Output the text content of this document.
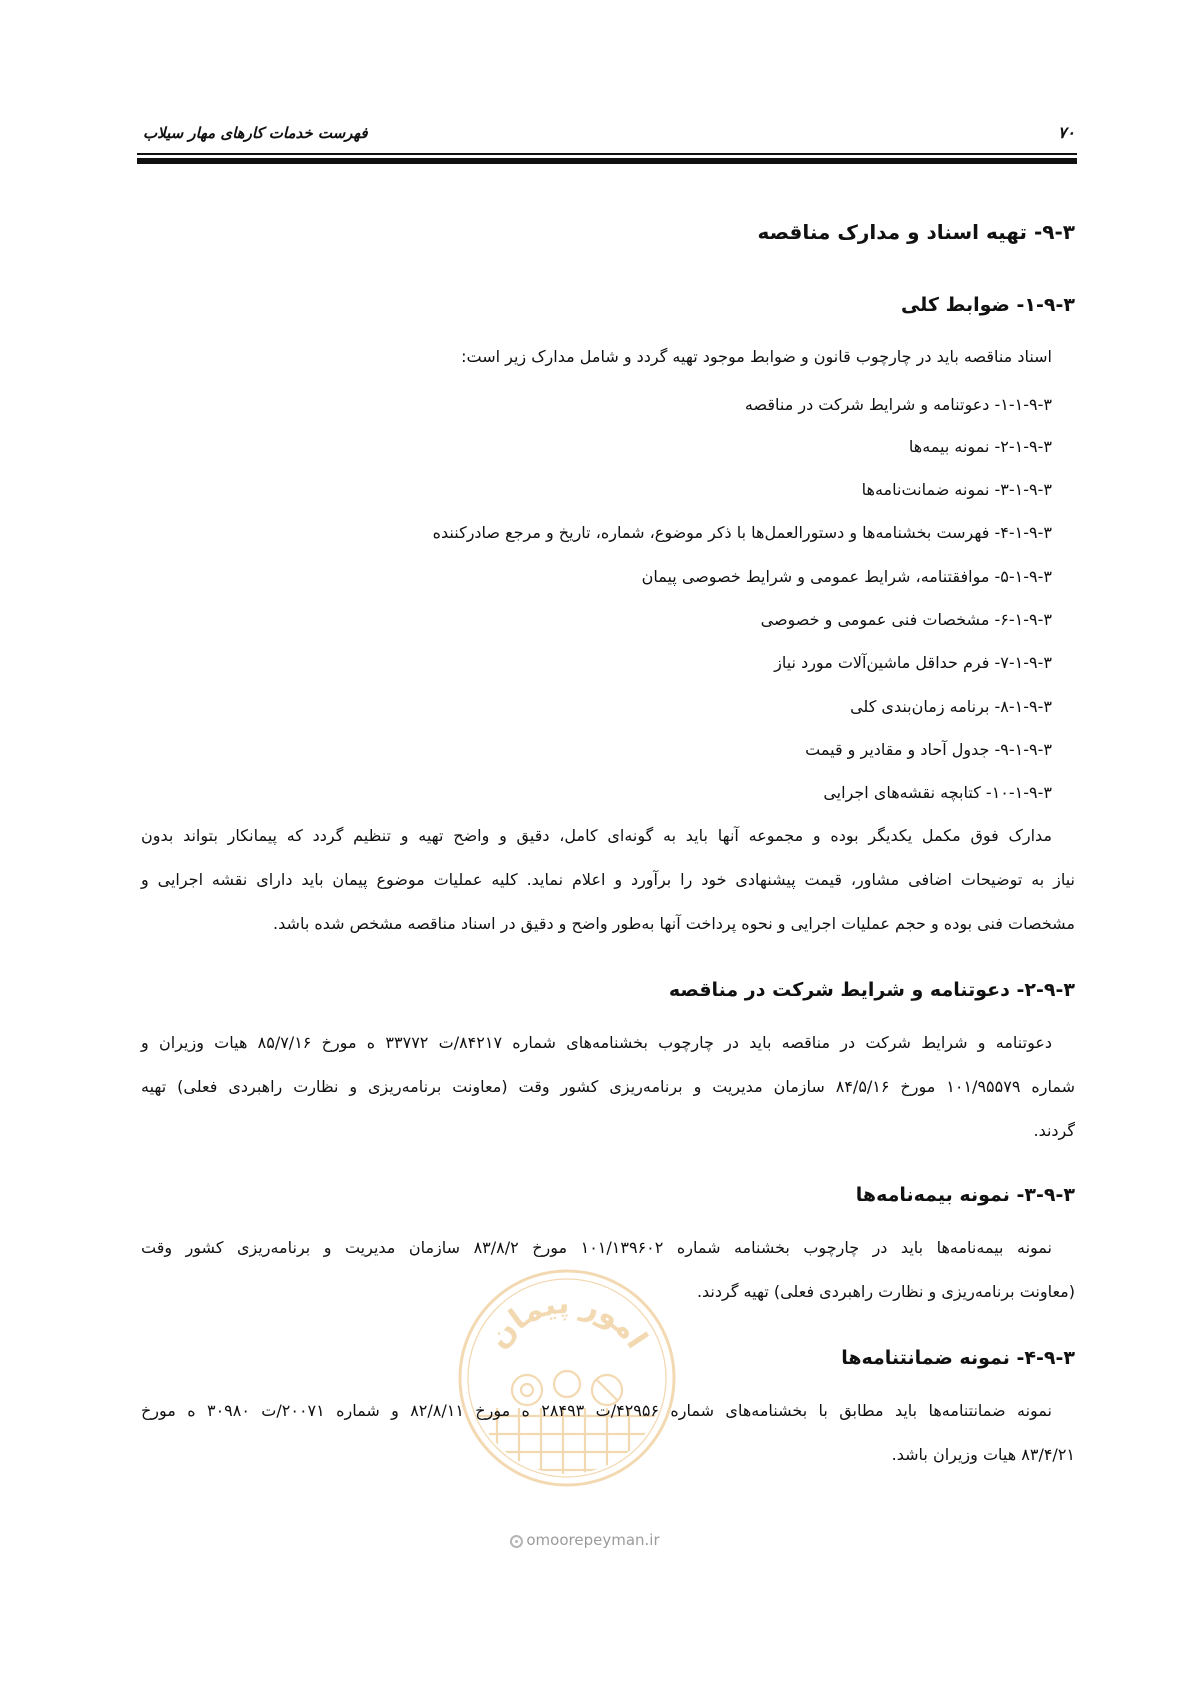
۷۰
فهرست خدمات کارهای مهار سیلاب
۳-۹- تهیه اسناد و مدارک مناقصه
۳-۹-۱- ضوابط کلی
اسناد مناقصه باید در چارچوب قانون و ضوابط موجود تهیه گردد و شامل مدارک زیر است:
۳-۹-۱-۱- دعوتنامه و شرایط شرکت در مناقصه
۳-۹-۱-۲- نمونه بیمه‌ها
۳-۹-۱-۳- نمونه ضمانت‌نامه‌ها
۳-۹-۱-۴- فهرست بخشنامه‌ها و دستورالعمل‌ها با ذکر موضوع، شماره، تاریخ و مرجع صادرکننده
۳-۹-۱-۵- موافقتنامه، شرایط عمومی و شرایط خصوصی پیمان
۳-۹-۱-۶- مشخصات فنی عمومی و خصوصی
۳-۹-۱-۷- فرم حداقل ماشین‌آلات مورد نیاز
۳-۹-۱-۸- برنامه زمان‌بندی کلی
۳-۹-۱-۹- جدول آحاد و مقادیر و قیمت
۳-۹-۱-۱۰- کتابچه نقشه‌های اجرایی
مدارک فوق مکمل یکدیگر بوده و مجموعه آنها باید به گونه‌ای کامل، دقیق و واضح تهیه و تنظیم گردد که پیمانکار بتواند بدون
نیاز به توضیحات اضافی مشاور، قیمت پیشنهادی خود را برآورد و اعلام نماید. کلیه عملیات موضوع پیمان باید دارای نقشه اجرایی و
مشخصات فنی بوده و حجم عملیات اجرایی و نحوه پرداخت آنها به‌طور واضح و دقیق در اسناد مناقصه مشخص شده باشد.
۳-۹-۲- دعوتنامه و شرایط شرکت در مناقصه
دعوتنامه و شرایط شرکت در مناقصه باید در چارچوب بخشنامه‌های شماره ۸۴۲۱۷/ت ۳۳۷۷۲ ه مورخ ۸۵/۷/۱۶ هیات وزیران و
شماره ۱۰۱/۹۵۵۷۹ مورخ ۸۴/۵/۱۶ سازمان مدیریت و برنامه‌ریزی کشور وقت (معاونت برنامه‌ریزی و نظارت راهبردی فعلی) تهیه
گردند.
۳-۹-۳- نمونه بیمه‌نامه‌ها
نمونه بیمه‌نامه‌ها باید در چارچوب بخشنامه شماره ۱۰۱/۱۳۹۶۰۲ مورخ ۸۳/۸/۲ سازمان مدیریت و برنامه‌ریزی کشور وقت
(معاونت برنامه‌ریزی و نظارت راهبردی فعلی) تهیه گردند.
امور پیمان
۳-۹-۴- نمونه ضمانتنامه‌ها
نمونه ضمانتنامه‌ها باید مطابق با بخشنامه‌های شماره ۴۲۹۵۶/ت ۲۸۴۹۳ ه مورخ ۸۲/۸/۱۱ و شماره ۲۰۰۷۱/ت ۳۰۹۸۰ ه مورخ
۸۳/۴/۲۱ هیات وزیران باشد.
omoorepeyman.ir
